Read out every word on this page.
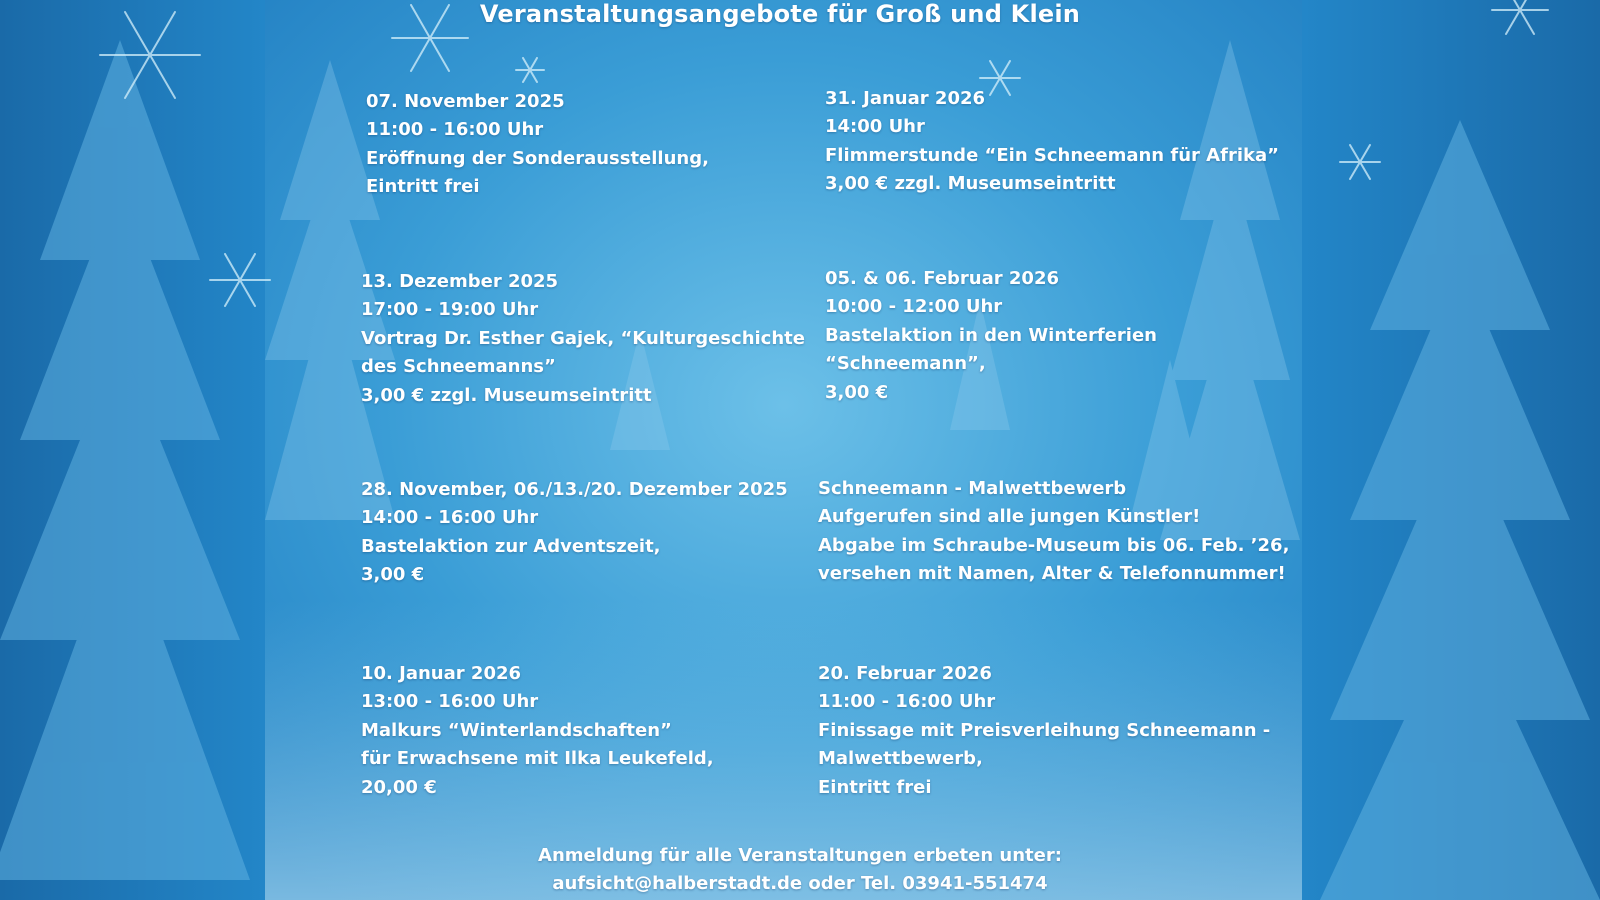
Veranstaltungsangebote für Groß und Klein
07. November 2025
11:00 - 16:00 Uhr
Eröffnung der Sonderausstellung,
Eintritt frei
31. Januar 2026
14:00 Uhr
Flimmerstunde “Ein Schneemann für Afrika”
3,00 € zzgl. Museumseintritt
13. Dezember 2025
17:00 - 19:00 Uhr
Vortrag Dr. Esther Gajek, “Kulturgeschichte
des Schneemanns”
3,00 € zzgl. Museumseintritt
05. & 06. Februar 2026
10:00 - 12:00 Uhr
Bastelaktion in den Winterferien
“Schneemann”,
3,00 €
28. November, 06./13./20. Dezember 2025
14:00 - 16:00 Uhr
Bastelaktion zur Adventszeit,
3,00 €
Schneemann - Malwettbewerb
Aufgerufen sind alle jungen Künstler!
Abgabe im Schraube-Museum bis 06. Feb. ’26,
versehen mit Namen, Alter & Telefonnummer!
10. Januar 2026
13:00 - 16:00 Uhr
Malkurs “Winterlandschaften”
für Erwachsene mit Ilka Leukefeld,
20,00 €
20. Februar 2026
11:00 - 16:00 Uhr
Finissage mit Preisverleihung Schneemann -
Malwettbewerb,
Eintritt frei
Anmeldung für alle Veranstaltungen erbeten unter:
aufsicht@halberstadt.de oder Tel. 03941-551474
